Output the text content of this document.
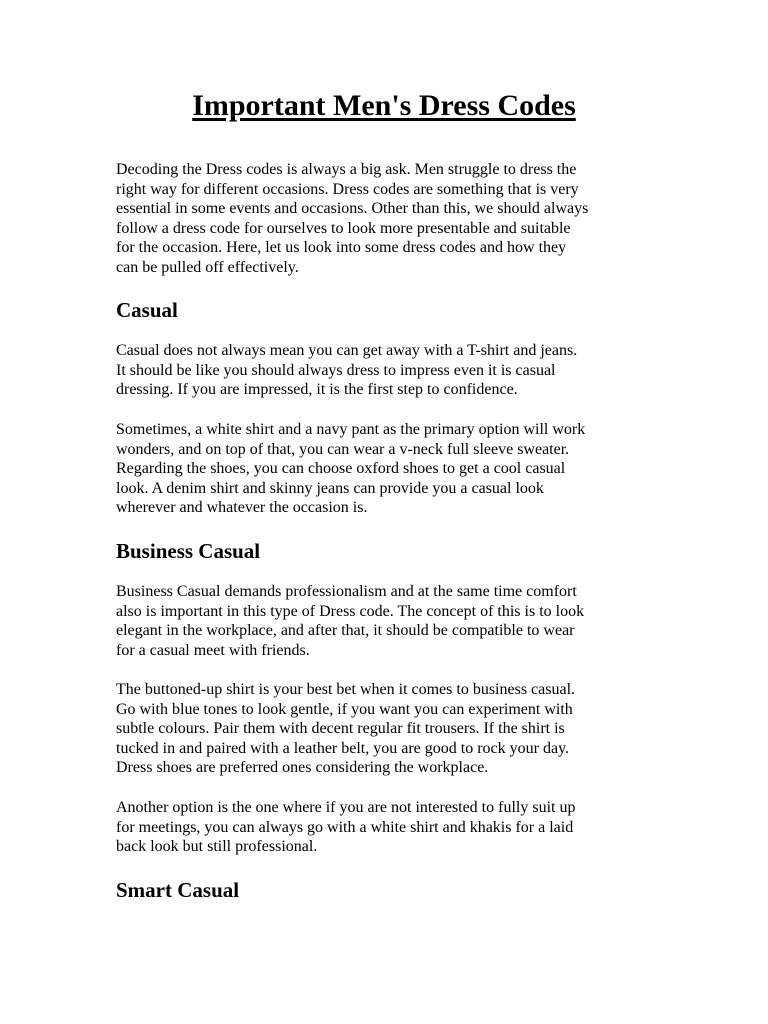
Important Men's Dress Codes
Decoding the Dress codes is always a big ask. Men struggle to dress the
right way for different occasions. Dress codes are something that is very
essential in some events and occasions. Other than this, we should always
follow a dress code for ourselves to look more presentable and suitable
for the occasion. Here, let us look into some dress codes and how they
can be pulled off effectively.
Casual
Casual does not always mean you can get away with a T-shirt and jeans.
It should be like you should always dress to impress even it is casual
dressing. If you are impressed, it is the first step to confidence.
Sometimes, a white shirt and a navy pant as the primary option will work
wonders, and on top of that, you can wear a v-neck full sleeve sweater.
Regarding the shoes, you can choose oxford shoes to get a cool casual
look. A denim shirt and skinny jeans can provide you a casual look
wherever and whatever the occasion is.
Business Casual
Business Casual demands professionalism and at the same time comfort
also is important in this type of Dress code. The concept of this is to look
elegant in the workplace, and after that, it should be compatible to wear
for a casual meet with friends.
The buttoned-up shirt is your best bet when it comes to business casual.
Go with blue tones to look gentle, if you want you can experiment with
subtle colours. Pair them with decent regular fit trousers. If the shirt is
tucked in and paired with a leather belt, you are good to rock your day.
Dress shoes are preferred ones considering the workplace.
Another option is the one where if you are not interested to fully suit up
for meetings, you can always go with a white shirt and khakis for a laid
back look but still professional.
Smart Casual
